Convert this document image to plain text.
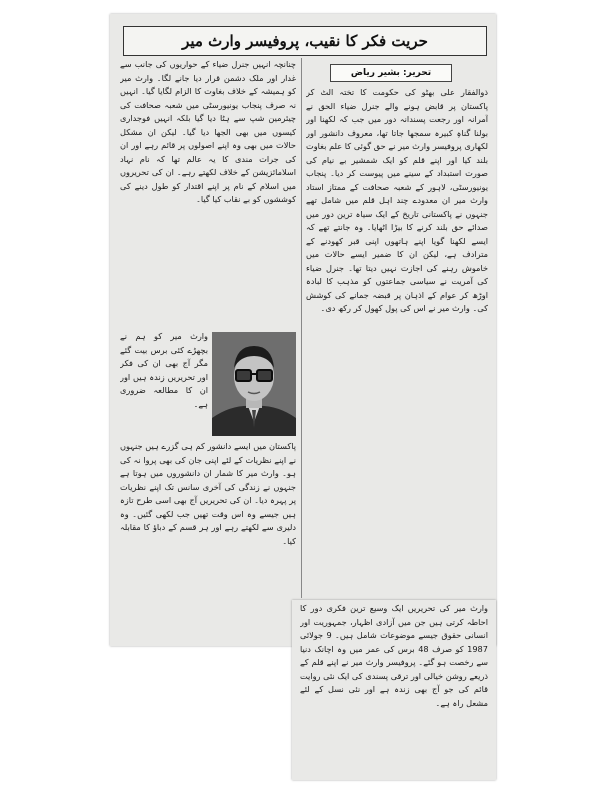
حریت فکر کا نقیب، پروفیسر وارث میر
تحریر: بشیر ریاض

ذوالفقار علی بھٹو کی حکومت کا تختہ الٹ کر پاکستان پر قابض ہونے والے جنرل ضیاء الحق نے آمرانہ اور رجعت پسندانہ دور میں جب کہ لکھنا اور بولنا گناہِ کبیرہ سمجھا جاتا تھا، معروف دانشور اور لکھاری پروفیسر وارث میر نے حق گوئی کا علم بغاوت بلند کیا اور اپنے قلم کو ایک شمشیر بے نیام کی صورت استبداد کے سینے میں پیوست کر دیا۔ پنجاب یونیورسٹی، لاہور کے شعبہ صحافت کے ممتاز استاد وارث میر ان معدودے چند اہل قلم میں شامل تھے جنہوں نے پاکستانی تاریخ کے ایک سیاہ ترین دور میں صدائے حق بلند کرنے کا بیڑا اٹھایا۔ وہ جانتے تھے کہ ایسے لکھنا گویا اپنے ہاتھوں اپنی قبر کھودنے کے مترادف ہے، لیکن ان کا ضمیر ایسے حالات میں خاموش رہنے کی اجازت نہیں دیتا تھا۔ جنرل ضیاء کی آمریت نے سیاسی جماعتوں کو مذہب کا لبادہ اوڑھ کر عوام کے اذہان پر قبضہ جمانے کی کوشش کی۔ وارث میر نے اس کی پول کھول کر رکھ دی۔

چنانچہ انہیں جنرل ضیاء کے حواریوں کی جانب سے غدار اور ملک دشمن قرار دیا جانے لگا۔ وارث میر کو ہمیشہ کے خلاف بغاوت کا الزام لگایا گیا۔ انہیں نہ صرف پنجاب یونیورسٹی میں شعبہ صحافت کی چیئرمین شپ سے ہٹا دیا گیا بلکہ انہیں فوجداری کیسوں میں بھی الجھا دیا گیا۔ لیکن ان مشکل حالات میں بھی وہ اپنے اصولوں پر قائم رہے اور ان کی جرات مندی کا یہ عالم تھا کہ نام نہاد اسلامائزیشن کے خلاف لکھتے رہے۔ ان کی تحریروں میں اسلام کے نام پر اپنے اقتدار کو طول دینے کی کوششوں کو بے نقاب کیا گیا۔

وارث میر کو ہم نے بچھڑے کئی برس بیت گئے مگر آج بھی ان کی فکر اور تحریریں زندہ ہیں اور ان کا مطالعہ ضروری ہے۔

پاکستان میں ایسے دانشور کم ہی گزرے ہیں جنہوں نے اپنے نظریات کے لئے اپنی جان کی بھی پروا نہ کی ہو۔ وارث میر کا شمار ان دانشوروں میں ہوتا ہے جنہوں نے زندگی کی آخری سانس تک اپنے نظریات پر پہرہ دیا۔ ان کی تحریریں آج بھی اسی طرح تازہ ہیں جیسے وہ اس وقت تھیں جب لکھی گئیں۔ وہ دلیری سے لکھتے رہے اور ہر قسم کے دباؤ کا مقابلہ کیا۔

وارث میر کی تحریریں ایک وسیع ترین فکری دور کا احاطہ کرتی ہیں جن میں آزادی اظہار، جمہوریت اور انسانی حقوق جیسے موضوعات شامل ہیں۔ 9 جولائی 1987 کو صرف 48 برس کی عمر میں وہ اچانک دنیا سے رخصت ہو گئے۔ پروفیسر وارث میر نے اپنے قلم کے ذریعے روشن خیالی اور ترقی پسندی کی ایک نئی روایت قائم کی جو آج بھی زندہ ہے اور نئی نسل کے لئے مشعل راہ ہے۔
